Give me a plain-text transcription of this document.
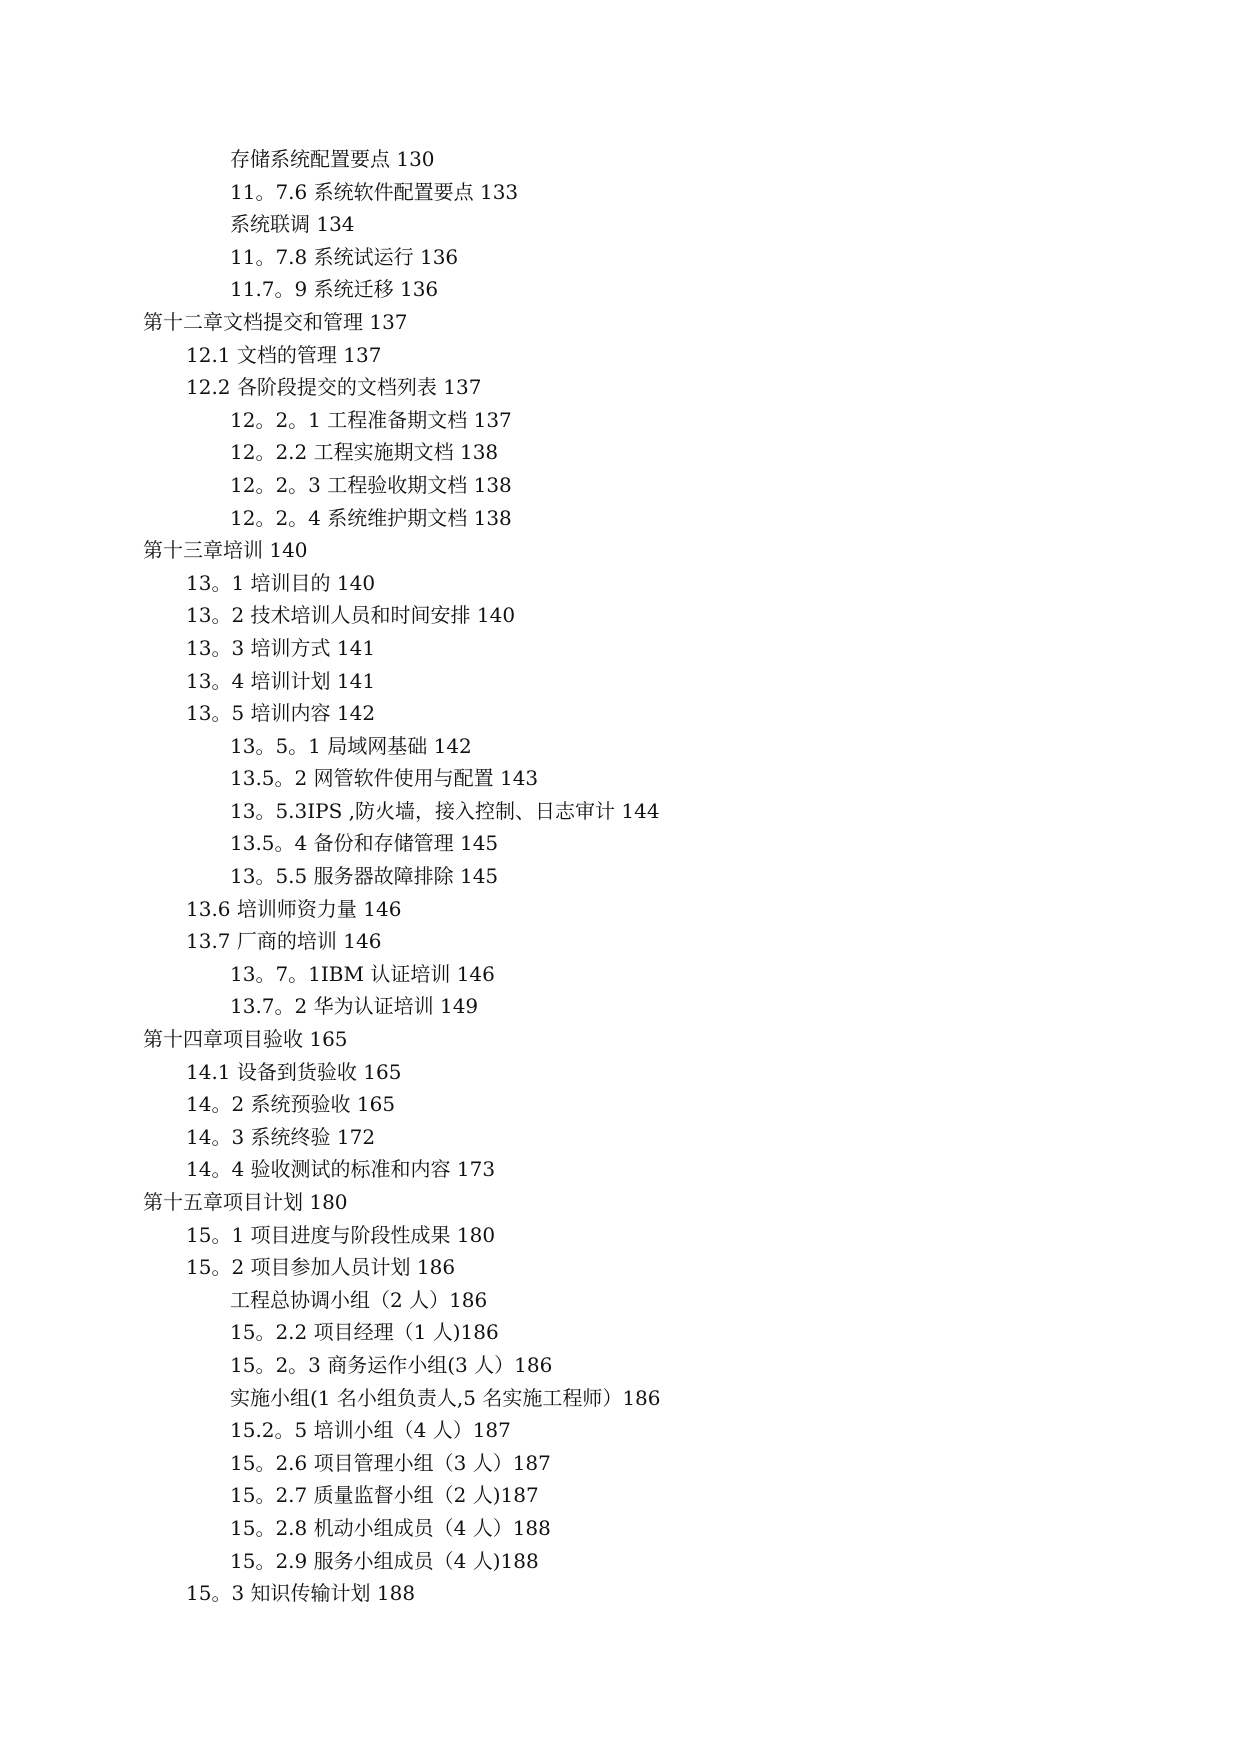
存储系统配置要点 130
11。7.6 系统软件配置要点 133
系统联调 134
11。7.8 系统试运行 136
11.7。9 系统迁移 136
第十二章文档提交和管理 137
12.1 文档的管理 137
12.2 各阶段提交的文档列表 137
12。2。1 工程准备期文档 137
12。2.2 工程实施期文档 138
12。2。3 工程验收期文档 138
12。2。4 系统维护期文档 138
第十三章培训 140
13。1 培训目的 140
13。2 技术培训人员和时间安排 140
13。3 培训方式 141
13。4 培训计划 141
13。5 培训内容 142
13。5。1 局域网基础 142
13.5。2 网管软件使用与配置 143
13。5.3IPS ,防火墙，接入控制、日志审计 144
13.5。4 备份和存储管理 145
13。5.5 服务器故障排除 145
13.6 培训师资力量 146
13.7 厂商的培训 146
13。7。1IBM 认证培训 146
13.7。2 华为认证培训 149
第十四章项目验收 165
14.1 设备到货验收 165
14。2 系统预验收 165
14。3 系统终验 172
14。4 验收测试的标准和内容 173
第十五章项目计划 180
15。1 项目进度与阶段性成果 180
15。2 项目参加人员计划 186
工程总协调小组（2 人）186
15。2.2 项目经理（1 人)186
15。2。3 商务运作小组(3 人）186
实施小组(1 名小组负责人,5 名实施工程师）186
15.2。5 培训小组（4 人）187
15。2.6 项目管理小组（3 人）187
15。2.7 质量监督小组（2 人)187
15。2.8 机动小组成员（4 人）188
15。2.9 服务小组成员（4 人)188
15。3 知识传输计划 188
